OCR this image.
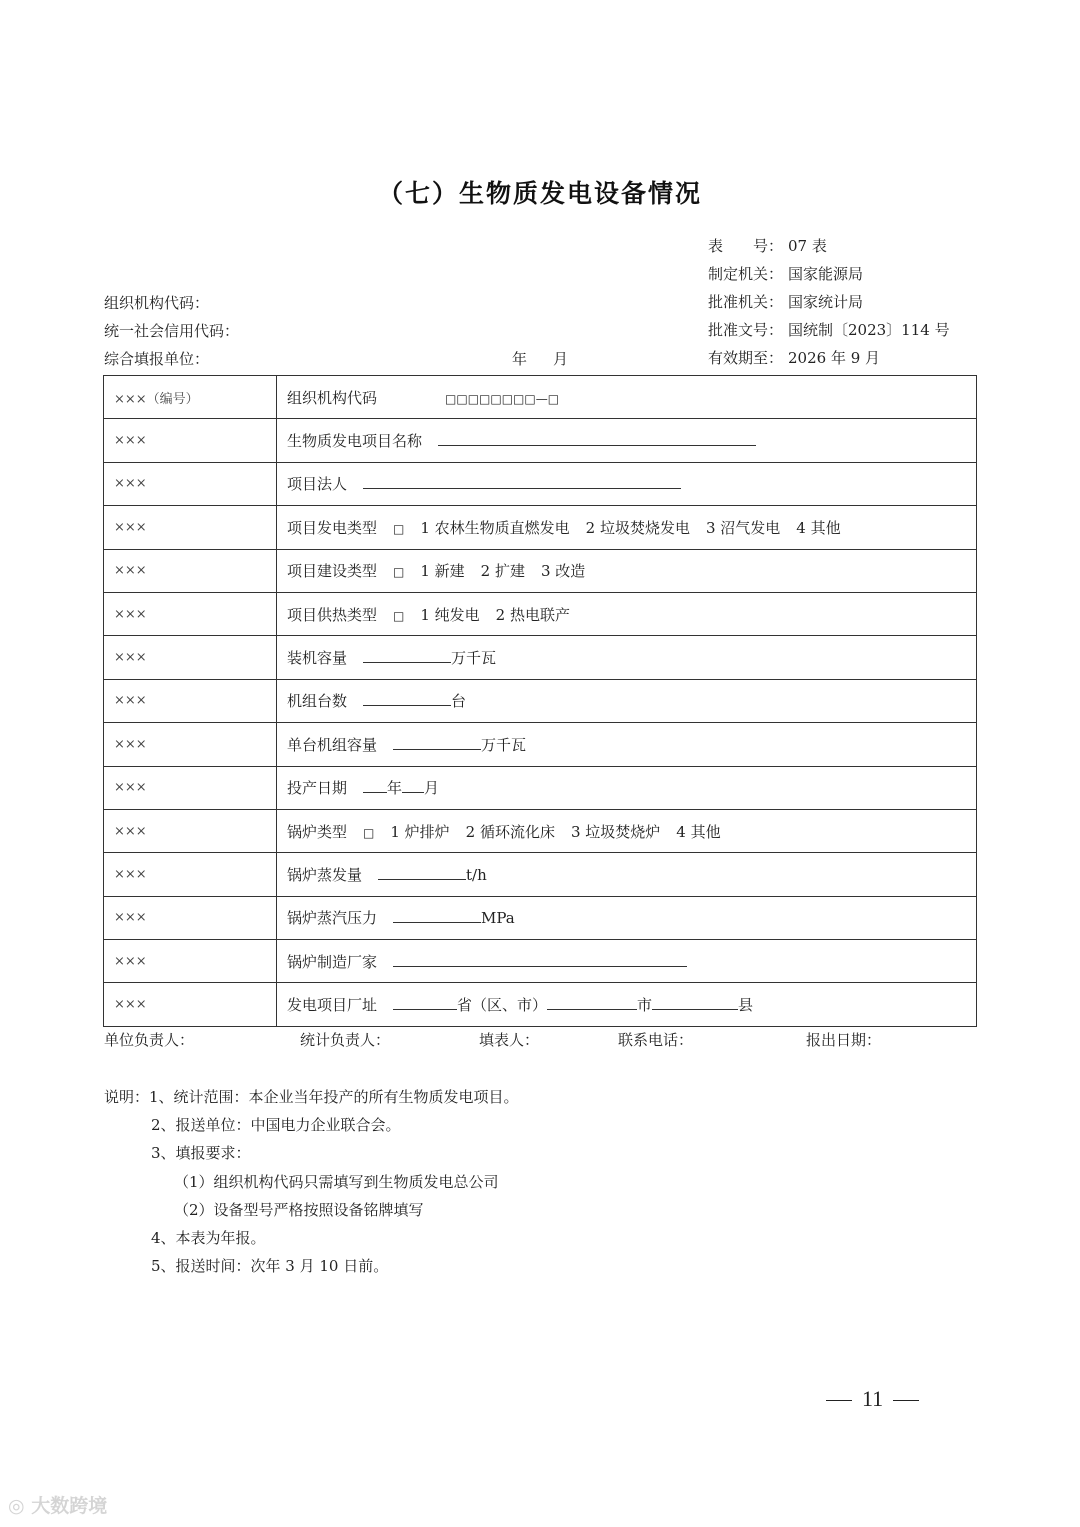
（七）生物质发电设备情况
表　　号： 07 表
制定机关： 国家能源局
批准机关： 国家统计局
批准文号： 国统制〔2023〕114 号
有效期至： 2026 年 9 月
组织机构代码：
统一社会信用代码：
综合填报单位：	年 月
×××（编号）	组织机构代码 □□□□□□□□—□
×××	生物质发电项目名称
×××	项目法人
×××	项目发电类型 □ 1 农林生物质直燃发电 2 垃圾焚烧发电 3 沼气发电 4 其他
×××	项目建设类型 □ 1 新建 2 扩建 3 改造
×××	项目供热类型 □ 1 纯发电 2 热电联产
×××	装机容量 万千瓦
×××	机组台数 台
×××	单台机组容量 万千瓦
×××	投产日期 年 月
×××	锅炉类型 □ 1 炉排炉 2 循环流化床 3 垃圾焚烧炉 4 其他
×××	锅炉蒸发量 t/h
×××	锅炉蒸汽压力 MPa
×××	锅炉制造厂家
×××	发电项目厂址 省（区、市） 市 县
单位负责人：	统计负责人：	填表人：	联系电话：	报出日期：
说明：1、统计范围：本企业当年投产的所有生物质发电项目。
2、报送单位：中国电力企业联合会。
3、填报要求：
（1）组织机构代码只需填写到生物质发电总公司
（2）设备型号严格按照设备铭牌填写
4、本表为年报。
5、报送时间：次年 3 月 10 日前。
11
◎ 大数跨境
